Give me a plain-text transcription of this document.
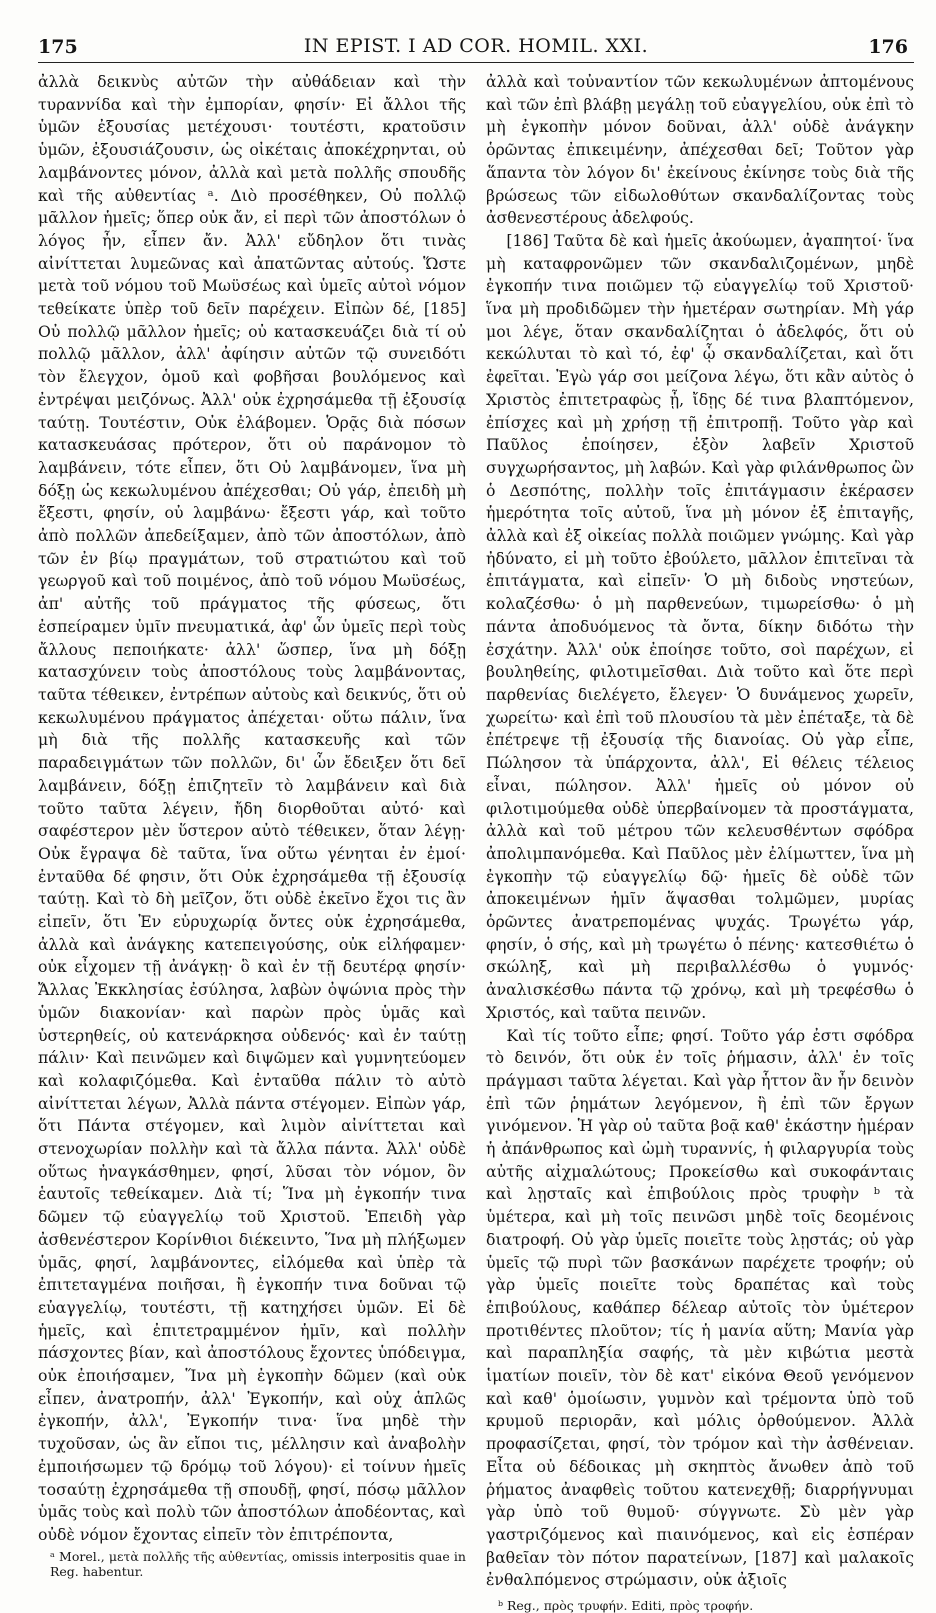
175	IN EPIST. I AD COR. HOMIL. XXI.	176

ἀλλὰ δεικνὺς αὐτῶν τὴν αὐθάδειαν καὶ τὴν τυραννίδα καὶ τὴν ἐμπορίαν, φησίν· Εἰ ἄλλοι τῆς ὑμῶν ἐξουσίας μετέχουσι· τουτέστι, κρατοῦσιν ὑμῶν, ἐξουσιάζουσιν, ὡς οἰκέταις ἀποκέχρηνται, οὐ λαμβάνοντες μόνον, ἀλλὰ καὶ μετὰ πολλῆς σπουδῆς καὶ τῆς αὐθεντίας ᵃ. Διὸ προσέθηκεν, Οὐ πολλῷ μᾶλλον ἡμεῖς; ὅπερ οὐκ ἄν, εἰ περὶ τῶν ἀποστόλων ὁ λόγος ἦν, εἶπεν ἄν. Ἀλλ' εὔδηλον ὅτι τινὰς αἰνίττεται λυμεῶνας καὶ ἀπατῶντας αὐτούς. Ὥστε μετὰ τοῦ νόμου τοῦ Μωϋσέως καὶ ὑμεῖς αὐτοὶ νόμον τεθείκατε ὑπὲρ τοῦ δεῖν παρέχειν. Εἰπὼν δέ, [185] Οὐ πολλῷ μᾶλλον ἡμεῖς; οὐ κατασκευάζει διὰ τί οὐ πολλῷ μᾶλλον, ἀλλ' ἀφίησιν αὐτῶν τῷ συνειδότι τὸν ἔλεγχον, ὁμοῦ καὶ φοβῆσαι βουλόμενος καὶ ἐντρέψαι μειζόνως. Ἀλλ' οὐκ ἐχρησάμεθα τῇ ἐξουσίᾳ ταύτῃ. Τουτέστιν, Οὐκ ἐλάβομεν. Ὁρᾷς διὰ πόσων κατασκευάσας πρότερον, ὅτι οὐ παράνομον τὸ λαμβάνειν, τότε εἶπεν, ὅτι Οὐ λαμβάνομεν, ἵνα μὴ δόξῃ ὡς κεκωλυμένου ἀπέχεσθαι; Οὐ γάρ, ἐπειδὴ μὴ ἔξεστι, φησίν, οὐ λαμβάνω· ἔξεστι γάρ, καὶ τοῦτο ἀπὸ πολλῶν ἀπεδείξαμεν, ἀπὸ τῶν ἀποστόλων, ἀπὸ τῶν ἐν βίῳ πραγμάτων, τοῦ στρατιώτου καὶ τοῦ γεωργοῦ καὶ τοῦ ποιμένος, ἀπὸ τοῦ νόμου Μωϋσέως, ἀπ' αὐτῆς τοῦ πράγματος τῆς φύσεως, ὅτι ἐσπείραμεν ὑμῖν πνευματικά, ἀφ' ὧν ὑμεῖς περὶ τοὺς ἄλλους πεποιήκατε· ἀλλ' ὥσπερ, ἵνα μὴ δόξῃ κατασχύνειν τοὺς ἀποστόλους τοὺς λαμβάνοντας, ταῦτα τέθεικεν, ἐντρέπων αὐτοὺς καὶ δεικνύς, ὅτι οὐ κεκωλυμένου πράγματος ἀπέχεται· οὕτω πάλιν, ἵνα μὴ διὰ τῆς πολλῆς κατασκευῆς καὶ τῶν παραδειγμάτων τῶν πολλῶν, δι' ὧν ἔδειξεν ὅτι δεῖ λαμβάνειν, δόξῃ ἐπιζητεῖν τὸ λαμβάνειν καὶ διὰ τοῦτο ταῦτα λέγειν, ἤδη διορθοῦται αὐτό· καὶ σαφέστερον μὲν ὕστερον αὐτὸ τέθεικεν, ὅταν λέγῃ· Οὐκ ἔγραψα δὲ ταῦτα, ἵνα οὕτω γένηται ἐν ἐμοί· ἐνταῦθα δέ φησιν, ὅτι Οὐκ ἐχρησάμεθα τῇ ἐξουσίᾳ ταύτῃ. Καὶ τὸ δὴ μεῖζον, ὅτι οὐδὲ ἐκεῖνο ἔχοι τις ἂν εἰπεῖν, ὅτι Ἐν εὐρυχωρίᾳ ὄντες οὐκ ἐχρησάμεθα, ἀλλὰ καὶ ἀνάγκης κατεπειγούσης, οὐκ εἰλήφαμεν· οὐκ εἶχομεν τῇ ἀνάγκῃ· ὃ καὶ ἐν τῇ δευτέρᾳ φησίν· Ἄλλας Ἐκκλησίας ἐσύλησα, λαβὼν ὀψώνια πρὸς τὴν ὑμῶν διακονίαν· καὶ παρὼν πρὸς ὑμᾶς καὶ ὑστερηθείς, οὐ κατενάρκησα οὐδενός· καὶ ἐν ταύτῃ πάλιν· Καὶ πεινῶμεν καὶ διψῶμεν καὶ γυμνητεύομεν καὶ κολαφιζόμεθα. Καὶ ἐνταῦθα πάλιν τὸ αὐτὸ αἰνίττεται λέγων, Ἀλλὰ πάντα στέγομεν. Εἰπὼν γάρ, ὅτι Πάντα στέγομεν, καὶ λιμὸν αἰνίττεται καὶ στενοχωρίαν πολλὴν καὶ τὰ ἄλλα πάντα. Ἀλλ' οὐδὲ οὕτως ἠναγκάσθημεν, φησί, λῦσαι τὸν νόμον, ὃν ἑαυτοῖς τεθείκαμεν. Διὰ τί; Ἵνα μὴ ἐγκοπήν τινα δῶμεν τῷ εὐαγγελίῳ τοῦ Χριστοῦ. Ἐπειδὴ γὰρ ἀσθενέστερον Κορίνθιοι διέκειντο, Ἵνα μὴ πλήξωμεν ὑμᾶς, φησί, λαμβάνοντες, εἰλόμεθα καὶ ὑπὲρ τὰ ἐπιτεταγμένα ποιῆσαι, ἢ ἐγκοπήν τινα δοῦναι τῷ εὐαγγελίῳ, τουτέστι, τῇ κατηχήσει ὑμῶν. Εἰ δὲ ἡμεῖς, καὶ ἐπιτετραμμένον ἡμῖν, καὶ πολλὴν πάσχοντες βίαν, καὶ ἀποστόλους ἔχοντες ὑπόδειγμα, οὐκ ἐποιήσαμεν, Ἵνα μὴ ἐγκοπὴν δῶμεν (καὶ οὐκ εἶπεν, ἀνατροπήν, ἀλλ' Ἐγκοπήν, καὶ οὐχ ἁπλῶς ἐγκοπήν, ἀλλ', Ἐγκοπήν τινα· ἵνα μηδὲ τὴν τυχοῦσαν, ὡς ἂν εἴποι τις, μέλλησιν καὶ ἀναβολὴν ἐμποιήσωμεν τῷ δρόμῳ τοῦ λόγου)· εἰ τοίνυν ἡμεῖς τοσαύτῃ ἐχρησάμεθα τῇ σπουδῇ, φησί, πόσῳ μᾶλλον ὑμᾶς τοὺς καὶ πολὺ τῶν ἀποστόλων ἀποδέοντας, καὶ οὐδὲ νόμον ἔχοντας εἰπεῖν τὸν ἐπιτρέποντα,

ᵃ Morel., μετὰ πολλῆς τῆς αὐθεντίας, omissis interpositis quae in Reg. habentur.

ἀλλὰ καὶ τοὐναντίον τῶν κεκωλυμένων ἀπτομένους καὶ τῶν ἐπὶ βλάβῃ μεγάλῃ τοῦ εὐαγγελίου, οὐκ ἐπὶ τὸ μὴ ἐγκοπὴν μόνον δοῦναι, ἀλλ' οὐδὲ ἀνάγκην ὁρῶντας ἐπικειμένην, ἀπέχεσθαι δεῖ; Τοῦτον γὰρ ἅπαντα τὸν λόγον δι' ἐκείνους ἐκίνησε τοὺς διὰ τῆς βρώσεως τῶν εἰδωλοθύτων σκανδαλίζοντας τοὺς ἀσθενεστέρους ἀδελφούς.

[186] Ταῦτα δὲ καὶ ἡμεῖς ἀκούωμεν, ἀγαπητοί· ἵνα μὴ καταφρονῶμεν τῶν σκανδαλιζομένων, μηδὲ ἐγκοπήν τινα ποιῶμεν τῷ εὐαγγελίῳ τοῦ Χριστοῦ· ἵνα μὴ προδιδῶμεν τὴν ἡμετέραν σωτηρίαν. Μὴ γάρ μοι λέγε, ὅταν σκανδαλίζηται ὁ ἀδελφός, ὅτι οὐ κεκώλυται τὸ καὶ τό, ἐφ' ᾧ σκανδαλίζεται, καὶ ὅτι ἐφεῖται. Ἐγὼ γάρ σοι μείζονα λέγω, ὅτι κἂν αὐτὸς ὁ Χριστὸς ἐπιτετραφὼς ᾖ, ἴδῃς δέ τινα βλαπτόμενον, ἐπίσχες καὶ μὴ χρήσῃ τῇ ἐπιτροπῇ. Τοῦτο γὰρ καὶ Παῦλος ἐποίησεν, ἐξὸν λαβεῖν Χριστοῦ συγχωρήσαντος, μὴ λαβών. Καὶ γὰρ φιλάνθρωπος ὢν ὁ Δεσπότης, πολλὴν τοῖς ἐπιτάγμασιν ἐκέρασεν ἡμερότητα τοῖς αὐτοῦ, ἵνα μὴ μόνον ἐξ ἐπιταγῆς, ἀλλὰ καὶ ἐξ οἰκείας πολλὰ ποιῶμεν γνώμης. Καὶ γὰρ ἠδύνατο, εἰ μὴ τοῦτο ἐβούλετο, μᾶλλον ἐπιτεῖναι τὰ ἐπιτάγματα, καὶ εἰπεῖν· Ὁ μὴ διδοὺς νηστεύων, κολαζέσθω· ὁ μὴ παρθενεύων, τιμωρείσθω· ὁ μὴ πάντα ἀποδυόμενος τὰ ὄντα, δίκην διδότω τὴν ἐσχάτην. Ἀλλ' οὐκ ἐποίησε τοῦτο, σοὶ παρέχων, εἰ βουληθείης, φιλοτιμεῖσθαι. Διὰ τοῦτο καὶ ὅτε περὶ παρθενίας διελέγετο, ἔλεγεν· Ὁ δυνάμενος χωρεῖν, χωρείτω· καὶ ἐπὶ τοῦ πλουσίου τὰ μὲν ἐπέταξε, τὰ δὲ ἐπέτρεψε τῇ ἐξουσίᾳ τῆς διανοίας. Οὐ γὰρ εἶπε, Πώλησον τὰ ὑπάρχοντα, ἀλλ', Εἰ θέλεις τέλειος εἶναι, πώλησον. Ἀλλ' ἡμεῖς οὐ μόνον οὐ φιλοτιμούμεθα οὐδὲ ὑπερβαίνομεν τὰ προστάγματα, ἀλλὰ καὶ τοῦ μέτρου τῶν κελευσθέντων σφόδρα ἀπολιμπανόμεθα. Καὶ Παῦλος μὲν ἐλίμωττεν, ἵνα μὴ ἐγκοπὴν τῷ εὐαγγελίῳ δῷ· ἡμεῖς δὲ οὐδὲ τῶν ἀποκειμένων ἡμῖν ἅψασθαι τολμῶμεν, μυρίας ὁρῶντες ἀνατρεπομένας ψυχάς. Τρωγέτω γάρ, φησίν, ὁ σής, καὶ μὴ τρωγέτω ὁ πένης· κατεσθιέτω ὁ σκώληξ, καὶ μὴ περιβαλλέσθω ὁ γυμνός· ἀναλισκέσθω πάντα τῷ χρόνῳ, καὶ μὴ τρεφέσθω ὁ Χριστός, καὶ ταῦτα πεινῶν.

Καὶ τίς τοῦτο εἶπε; φησί. Τοῦτο γάρ ἐστι σφόδρα τὸ δεινόν, ὅτι οὐκ ἐν τοῖς ῥήμασιν, ἀλλ' ἐν τοῖς πράγμασι ταῦτα λέγεται. Καὶ γὰρ ἧττον ἂν ἦν δεινὸν ἐπὶ τῶν ῥημάτων λεγόμενον, ἢ ἐπὶ τῶν ἔργων γινόμενον. Ἡ γὰρ οὐ ταῦτα βοᾷ καθ' ἑκάστην ἡμέραν ἡ ἀπάνθρωπος καὶ ὠμὴ τυραννίς, ἡ φιλαργυρία τοὺς αὐτῆς αἰχμαλώτους; Προκείσθω καὶ συκοφάνταις καὶ λῃσταῖς καὶ ἐπιβούλοις πρὸς τρυφὴν ᵇ τὰ ὑμέτερα, καὶ μὴ τοῖς πεινῶσι μηδὲ τοῖς δεομένοις διατροφή. Οὐ γὰρ ὑμεῖς ποιεῖτε τοὺς λῃστάς; οὐ γὰρ ὑμεῖς τῷ πυρὶ τῶν βασκάνων παρέχετε τροφήν; οὐ γὰρ ὑμεῖς ποιεῖτε τοὺς δραπέτας καὶ τοὺς ἐπιβούλους, καθάπερ δέλεαρ αὐτοῖς τὸν ὑμέτερον προτιθέντες πλοῦτον; τίς ἡ μανία αὕτη; Μανία γὰρ καὶ παραπληξία σαφής, τὰ μὲν κιβώτια μεστὰ ἱματίων ποιεῖν, τὸν δὲ κατ' εἰκόνα Θεοῦ γενόμενον καὶ καθ' ὁμοίωσιν, γυμνὸν καὶ τρέμοντα ὑπὸ τοῦ κρυμοῦ περιορᾶν, καὶ μόλις ὀρθούμενον. Ἀλλὰ προφασίζεται, φησί, τὸν τρόμον καὶ τὴν ἀσθένειαν. Εἶτα οὐ δέδοικας μὴ σκηπτὸς ἄνωθεν ἀπὸ τοῦ ῥήματος ἀναφθεὶς τοῦτου κατενεχθῇ; διαρρήγνυμαι γὰρ ὑπὸ τοῦ θυμοῦ· σύγγνωτε. Σὺ μὲν γὰρ γαστριζόμενος καὶ πιαινόμενος, καὶ εἰς ἑσπέραν βαθεῖαν τὸν πότον παρατείνων, [187] καὶ μαλακοῖς ἐνθαλπόμενος στρώμασιν, οὐκ ἀξιοῖς

ᵇ Reg., πρὸς τρυφήν. Editi, πρὸς τροφήν.
